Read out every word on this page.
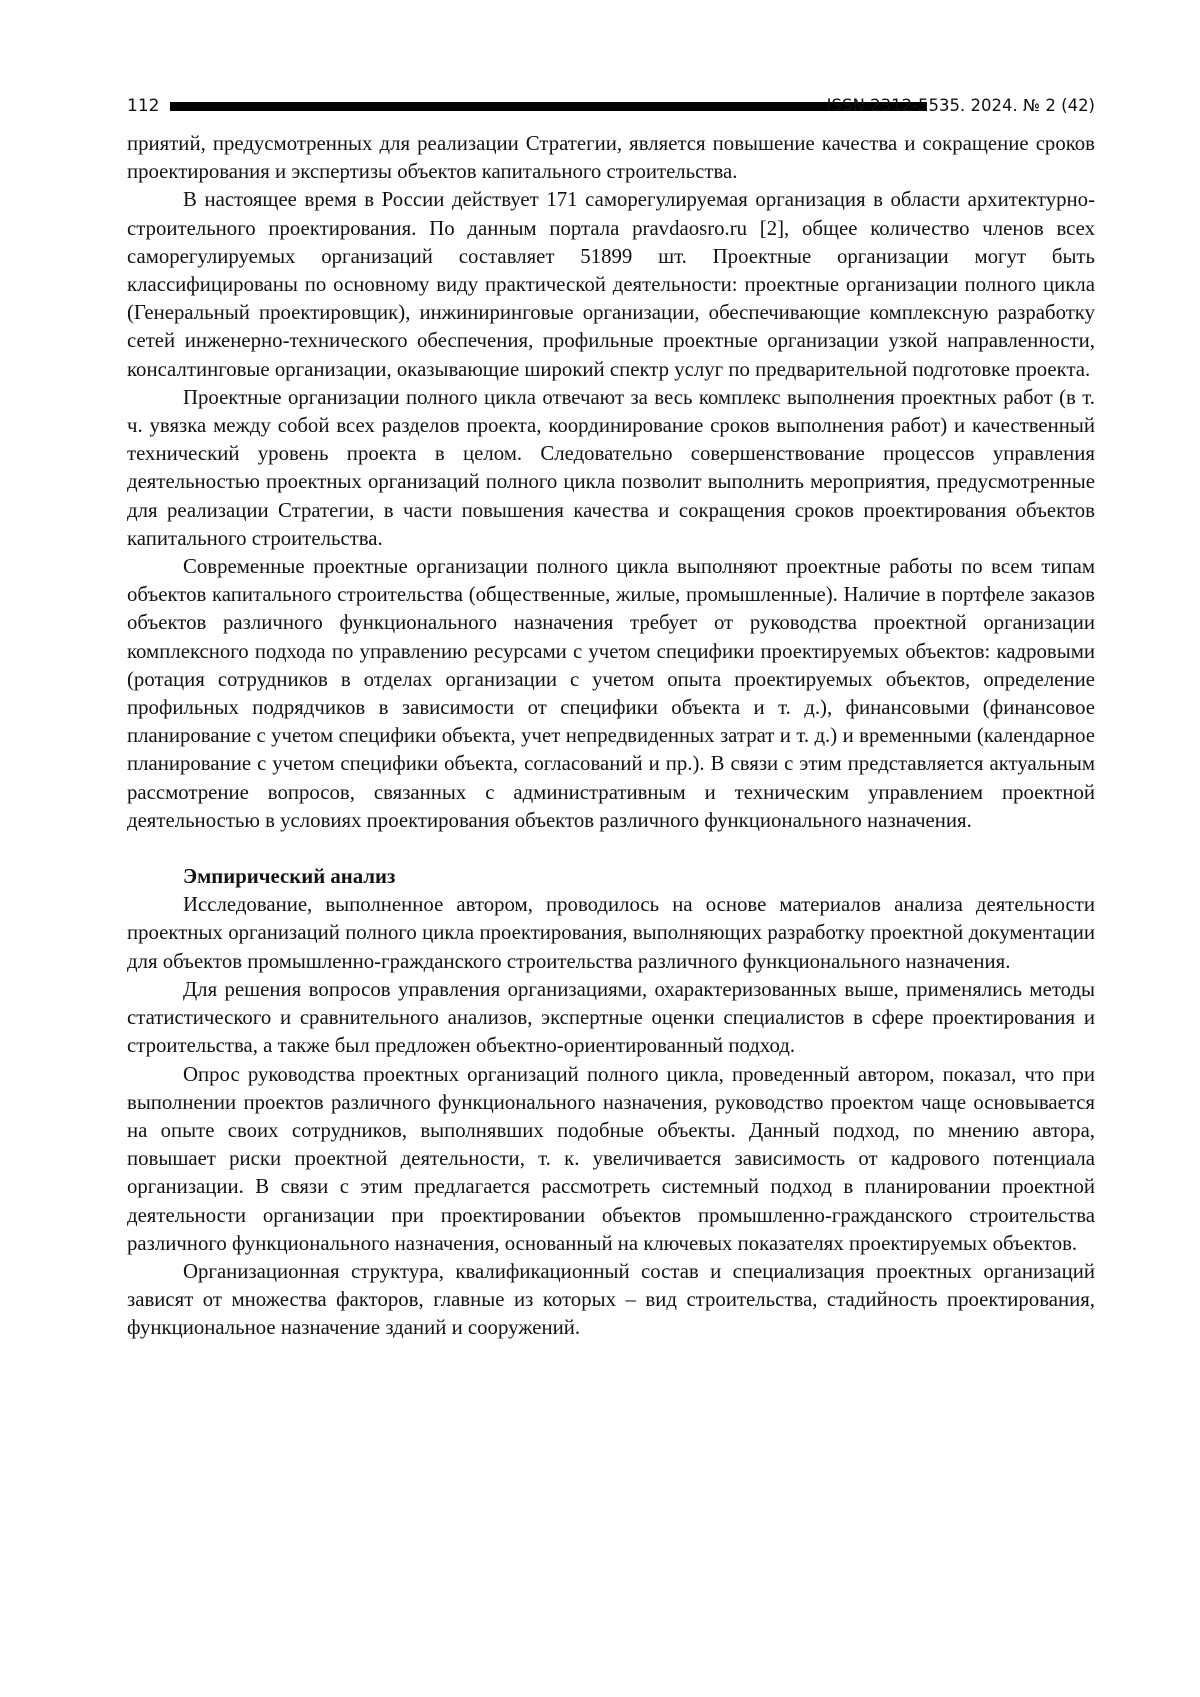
112	ISSN 2312-5535. 2024. № 2 (42)

приятий, предусмотренных для реализации Стратегии, является повышение качества и сокращение сроков проектирования и экспертизы объектов капитального строительства.

В настоящее время в России действует 171 саморегулируемая организация в области архитектурно-строительного проектирования. По данным портала pravdaosro.ru [2], общее количество членов всех саморегулируемых организаций составляет 51899 шт. Проектные организации могут быть классифицированы по основному виду практической деятельности: проектные организации полного цикла (Генеральный проектировщик), инжиниринговые организации, обеспечивающие комплексную разработку сетей инженерно-технического обеспечения, профильные проектные организации узкой направленности, консалтинговые организации, оказывающие широкий спектр услуг по предварительной подготовке проекта.

Проектные организации полного цикла отвечают за весь комплекс выполнения проектных работ (в т. ч. увязка между собой всех разделов проекта, координирование сроков выполнения работ) и качественный технический уровень проекта в целом. Следовательно совершенствование процессов управления деятельностью проектных организаций полного цикла позволит выполнить мероприятия, предусмотренные для реализации Стратегии, в части повышения качества и сокращения сроков проектирования объектов капитального строительства.

Современные проектные организации полного цикла выполняют проектные работы по всем типам объектов капитального строительства (общественные, жилые, промышленные). Наличие в портфеле заказов объектов различного функционального назначения требует от руководства проектной организации комплексного подхода по управлению ресурсами с учетом специфики проектируемых объектов: кадровыми (ротация сотрудников в отделах организации с учетом опыта проектируемых объектов, определение профильных подрядчиков в зависимости от специфики объекта и т. д.), финансовыми (финансовое планирование с учетом специфики объекта, учет непредвиденных затрат и т. д.) и временными (календарное планирование с учетом специфики объекта, согласований и пр.). В связи с этим представляется актуальным рассмотрение вопросов, связанных с административным и техническим управлением проектной деятельностью в условиях проектирования объектов различного функционального назначения.

Эмпирический анализ

Исследование, выполненное автором, проводилось на основе материалов анализа деятельности проектных организаций полного цикла проектирования, выполняющих разработку проектной документации для объектов промышленно-гражданского строительства различного функционального назначения.

Для решения вопросов управления организациями, охарактеризованных выше, применялись методы статистического и сравнительного анализов, экспертные оценки специалистов в сфере проектирования и строительства, а также был предложен объектно-ориентированный подход.

Опрос руководства проектных организаций полного цикла, проведенный автором, показал, что при выполнении проектов различного функционального назначения, руководство проектом чаще основывается на опыте своих сотрудников, выполнявших подобные объекты. Данный подход, по мнению автора, повышает риски проектной деятельности, т. к. увеличивается зависимость от кадрового потенциала организации. В связи с этим предлагается рассмотреть системный подход в планировании проектной деятельности организации при проектировании объектов промышленно-гражданского строительства различного функционального назначения, основанный на ключевых показателях проектируемых объектов.

Организационная структура, квалификационный состав и специализация проектных организаций зависят от множества факторов, главные из которых – вид строительства, стадийность проектирования, функциональное назначение зданий и сооружений.
